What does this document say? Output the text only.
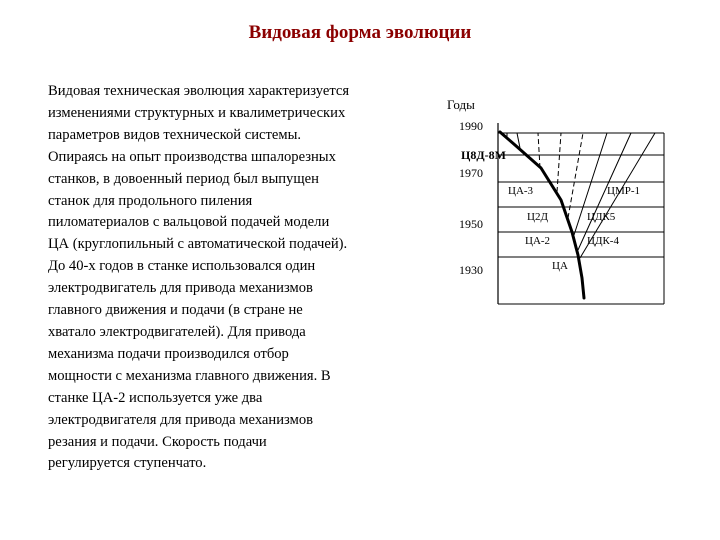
Видовая форма эволюции
Видовая техническая эволюция характеризуется
изменениями структурных и квалиметрических
параметров видов технической системы.
Опираясь на опыт производства шпалорезных
станков, в довоенный период был выпущен
станок для продольного пиления
пиломатериалов с вальцовой подачей модели
ЦА (круглопильный с автоматической подачей).
До 40-х годов в станке использовался один
электродвигатель для привода механизмов
главного движения и подачи (в стране не
хватало электродвигателей). Для привода
механизма подачи производился отбор
мощности с механизма главного движения. В
станке ЦА-2 используется уже два
электродвигателя для привода механизмов
резания и подачи. Скорость подачи
регулируется ступенчато.
Годы
1990
1970
1950
1930
Ц8Д-8М
ЦА-3	ЦМР-1
Ц2Д	ЦДК5
ЦА-2	ЦДК-4
ЦА
